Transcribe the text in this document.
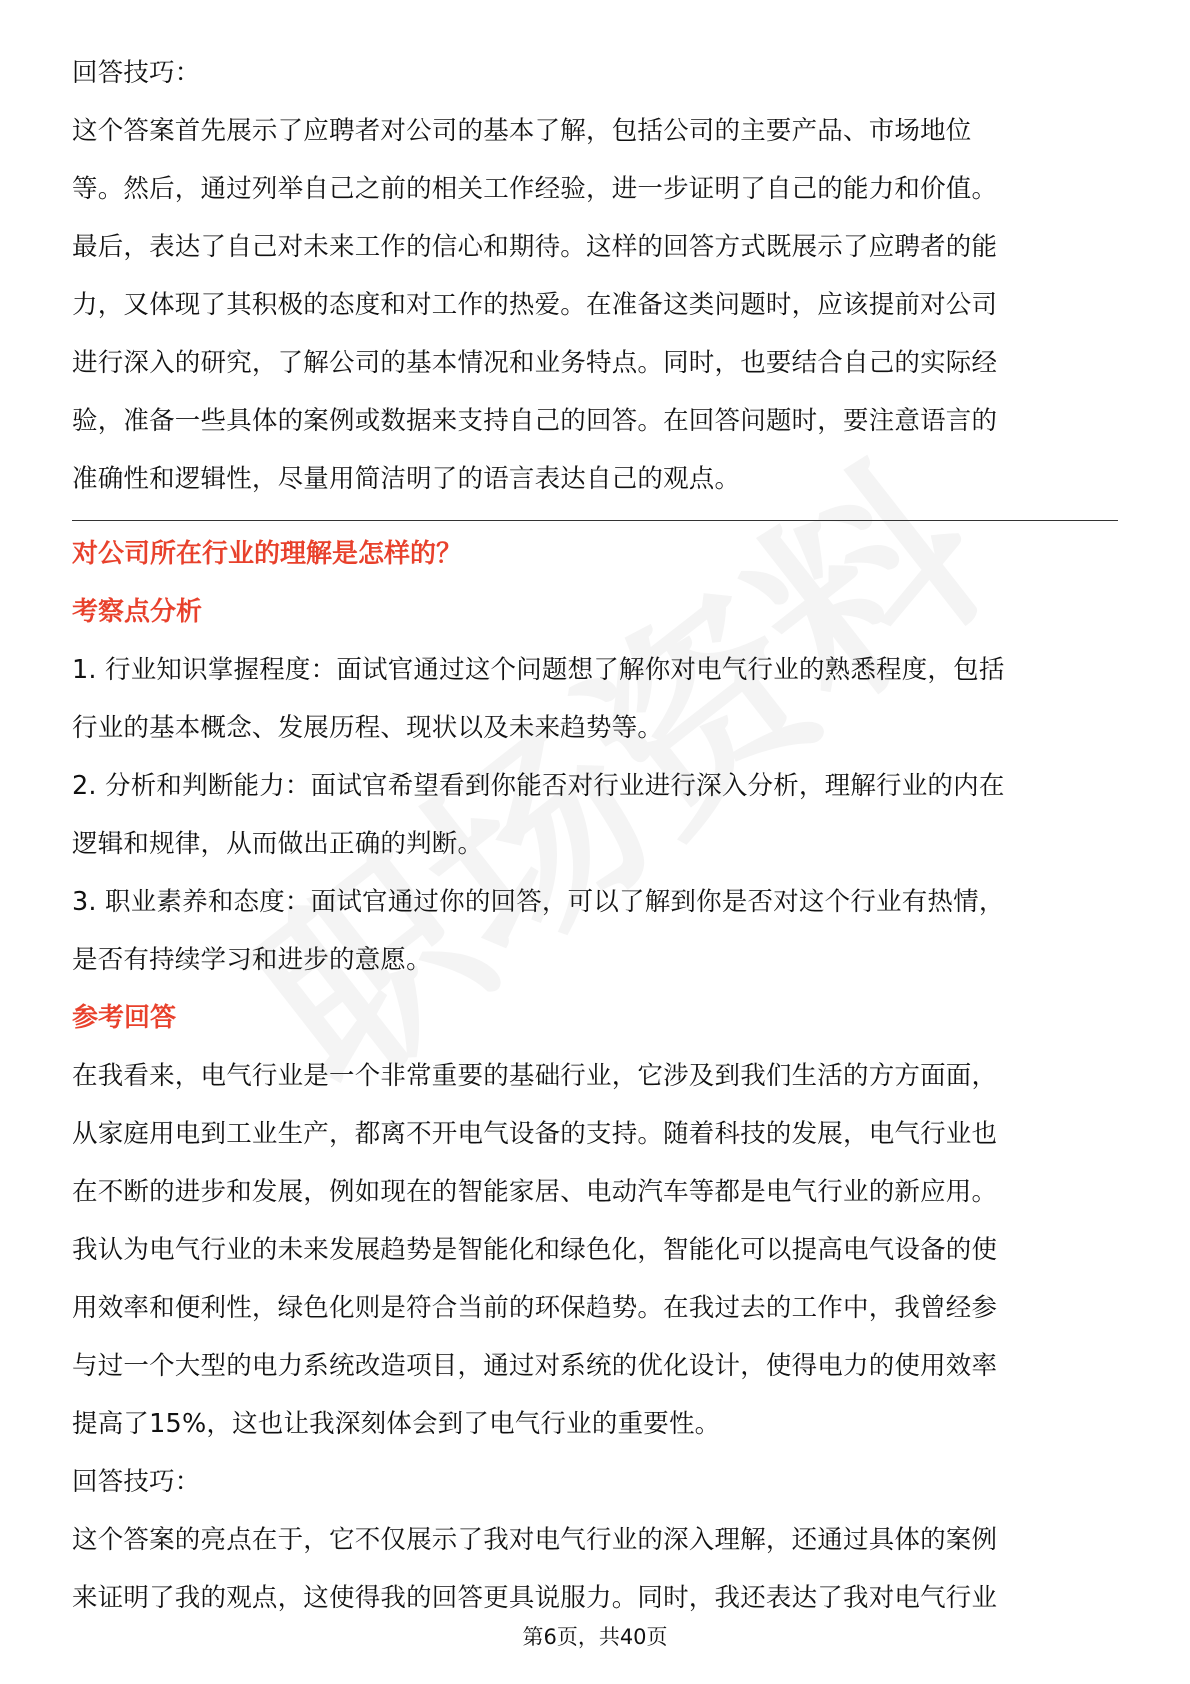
回答技巧：
这个答案首先展示了应聘者对公司的基本了解，包括公司的主要产品、市场地位
等。然后，通过列举自己之前的相关工作经验，进一步证明了自己的能力和价值。
最后，表达了自己对未来工作的信心和期待。这样的回答方式既展示了应聘者的能
力，又体现了其积极的态度和对工作的热爱。在准备这类问题时，应该提前对公司
进行深入的研究，了解公司的基本情况和业务特点。同时，也要结合自己的实际经
验，准备一些具体的案例或数据来支持自己的回答。在回答问题时，要注意语言的
准确性和逻辑性，尽量用简洁明了的语言表达自己的观点。
对公司所在行业的理解是怎样的？
考察点分析
1. 行业知识掌握程度：面试官通过这个问题想了解你对电气行业的熟悉程度，包括
行业的基本概念、发展历程、现状以及未来趋势等。
2. 分析和判断能力：面试官希望看到你能否对行业进行深入分析，理解行业的内在
逻辑和规律，从而做出正确的判断。
3. 职业素养和态度：面试官通过你的回答，可以了解到你是否对这个行业有热情，
是否有持续学习和进步的意愿。
参考回答
在我看来，电气行业是一个非常重要的基础行业，它涉及到我们生活的方方面面，
从家庭用电到工业生产，都离不开电气设备的支持。随着科技的发展，电气行业也
在不断的进步和发展，例如现在的智能家居、电动汽车等都是电气行业的新应用。
我认为电气行业的未来发展趋势是智能化和绿色化，智能化可以提高电气设备的使
用效率和便利性，绿色化则是符合当前的环保趋势。在我过去的工作中，我曾经参
与过一个大型的电力系统改造项目，通过对系统的优化设计，使得电力的使用效率
提高了15%，这也让我深刻体会到了电气行业的重要性。
回答技巧：
这个答案的亮点在于，它不仅展示了我对电气行业的深入理解，还通过具体的案例
来证明了我的观点，这使得我的回答更具说服力。同时，我还表达了我对电气行业
第6页，共40页
